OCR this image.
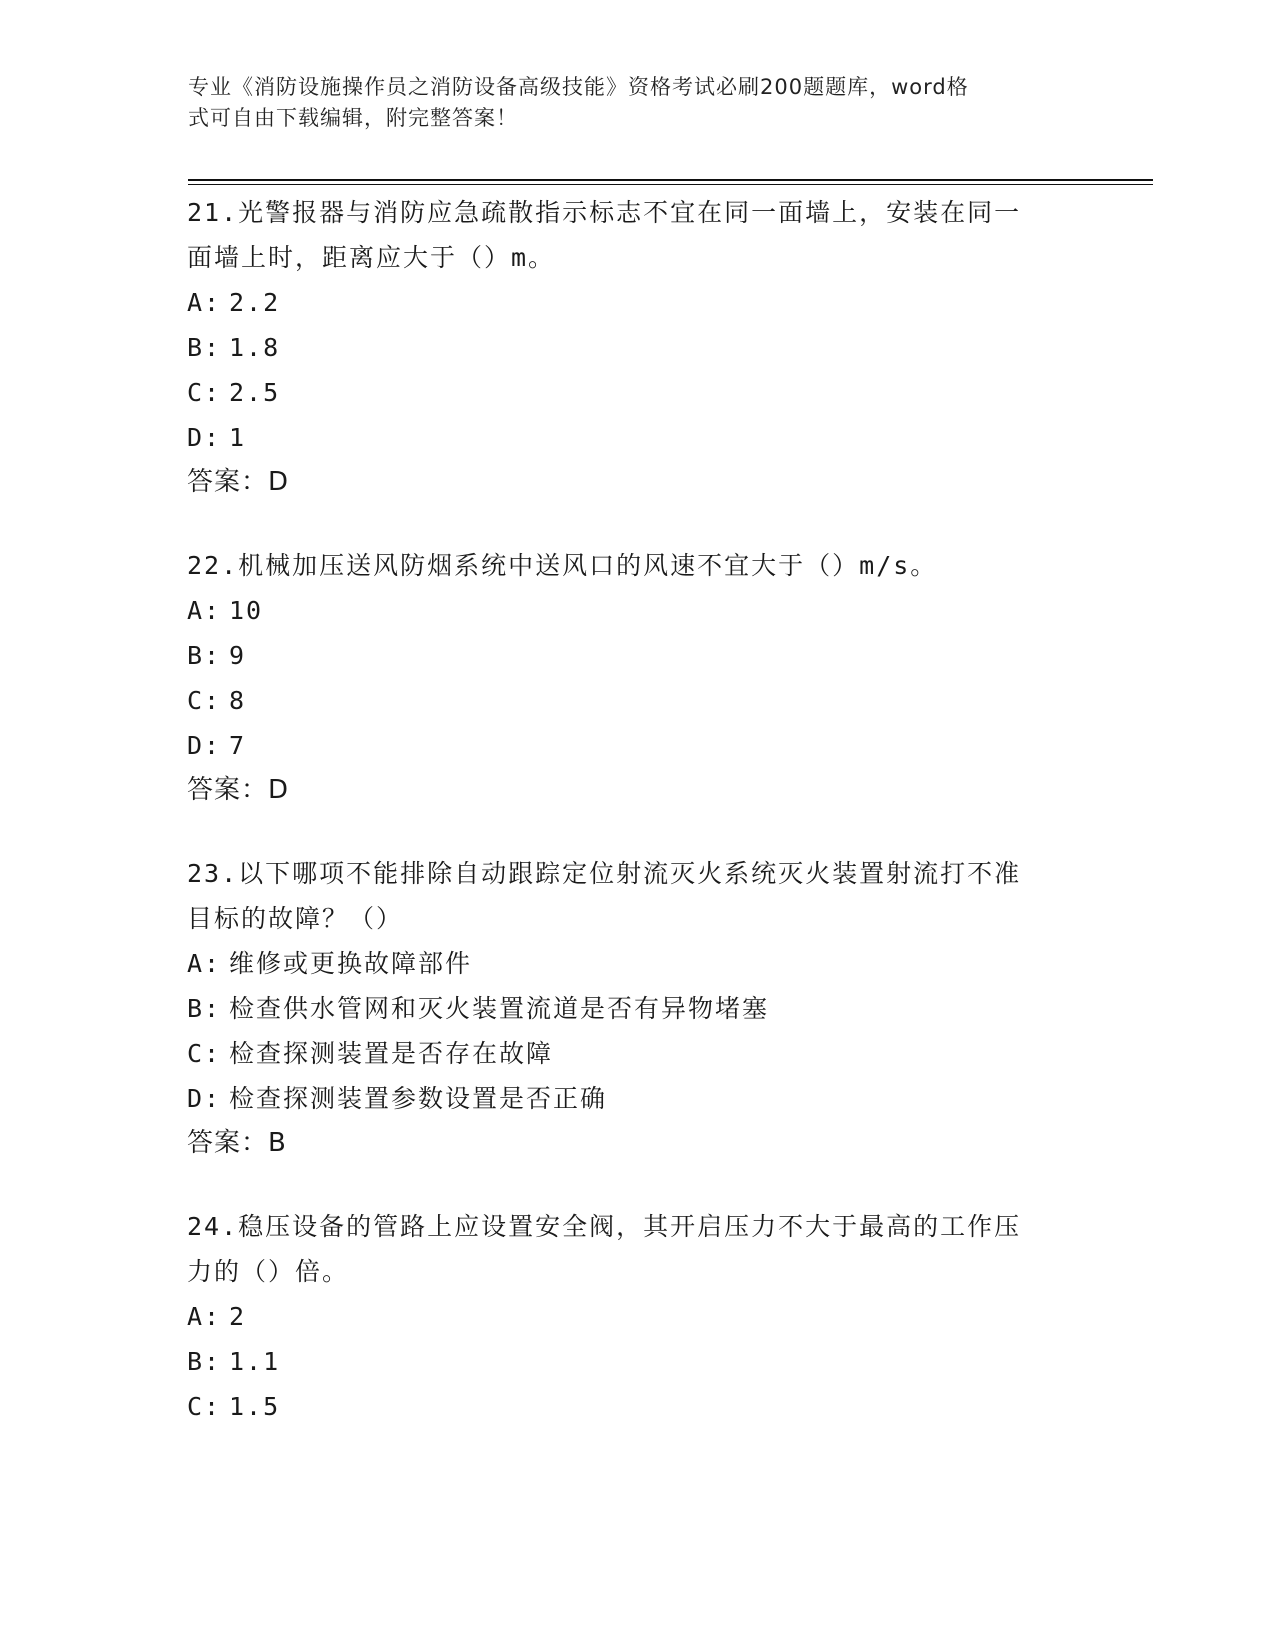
专业《消防设施操作员之消防设备高级技能》资格考试必刷200题题库，word格
式可自由下载编辑，附完整答案！
21.光警报器与消防应急疏散指示标志不宜在同一面墙上，安装在同一
面墙上时，距离应大于（）m。
A: 2.2
B: 1.8
C: 2.5
D: 1
答案：D
22.机械加压送风防烟系统中送风口的风速不宜大于（）m/s。
A: 10
B: 9
C: 8
D: 7
答案：D
23.以下哪项不能排除自动跟踪定位射流灭火系统灭火装置射流打不准
目标的故障？（）
A: 维修或更换故障部件
B: 检查供水管网和灭火装置流道是否有异物堵塞
C: 检查探测装置是否存在故障
D: 检查探测装置参数设置是否正确
答案：B
24.稳压设备的管路上应设置安全阀，其开启压力不大于最高的工作压
力的（）倍。
A: 2
B: 1.1
C: 1.5
